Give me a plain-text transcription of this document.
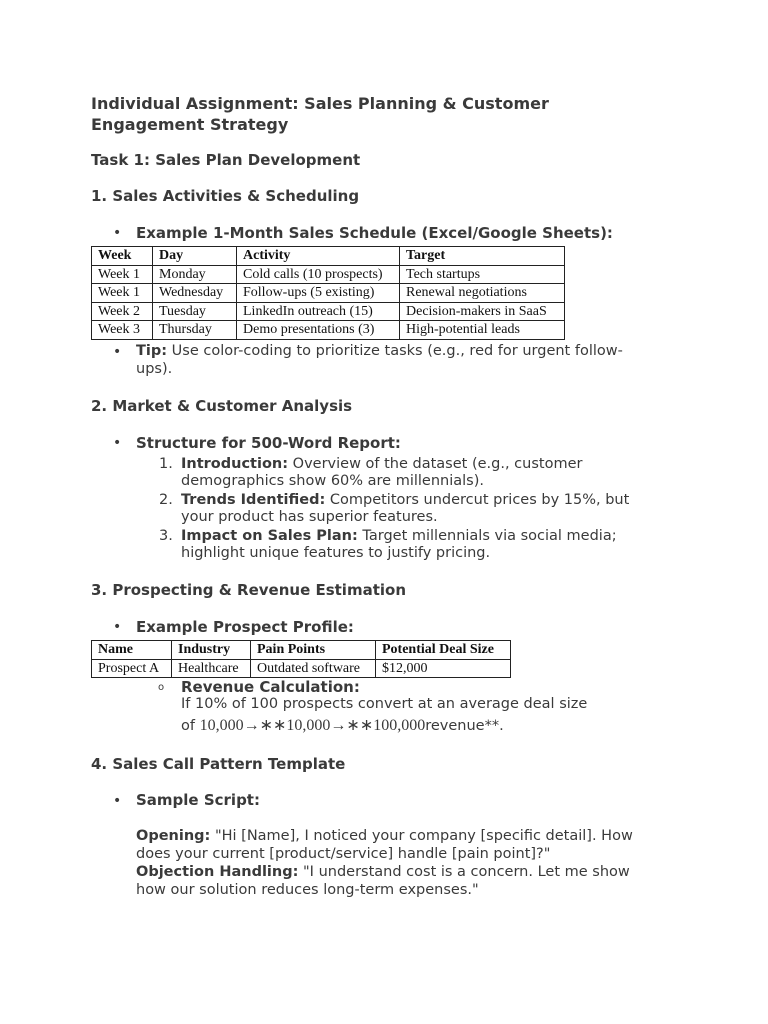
Individual Assignment: Sales Planning & Customer Engagement Strategy
Task 1: Sales Plan Development
1. Sales Activities & Scheduling
• Example 1-Month Sales Schedule (Excel/Google Sheets):
Week	Day	Activity	Target
Week 1	Monday	Cold calls (10 prospects)	Tech startups
Week 1	Wednesday	Follow-ups (5 existing)	Renewal negotiations
Week 2	Tuesday	LinkedIn outreach (15)	Decision-makers in SaaS
Week 3	Thursday	Demo presentations (3)	High-potential leads
• Tip: Use color-coding to prioritize tasks (e.g., red for urgent follow-
ups).
2. Market & Customer Analysis
• Structure for 500-Word Report:
1. Introduction: Overview of the dataset (e.g., customer
demographics show 60% are millennials).
2. Trends Identified: Competitors undercut prices by 15%, but
your product has superior features.
3. Impact on Sales Plan: Target millennials via social media;
highlight unique features to justify pricing.
3. Prospecting & Revenue Estimation
• Example Prospect Profile:
Name	Industry	Pain Points	Potential Deal Size
Prospect A	Healthcare	Outdated software	$12,000
o Revenue Calculation:
If 10% of 100 prospects convert at an average deal size
of 10,000→∗∗10,000→∗∗100,000revenue**.
4. Sales Call Pattern Template
• Sample Script:
Opening: "Hi [Name], I noticed your company [specific detail]. How
does your current [product/service] handle [pain point]?"
Objection Handling: "I understand cost is a concern. Let me show
how our solution reduces long-term expenses."
